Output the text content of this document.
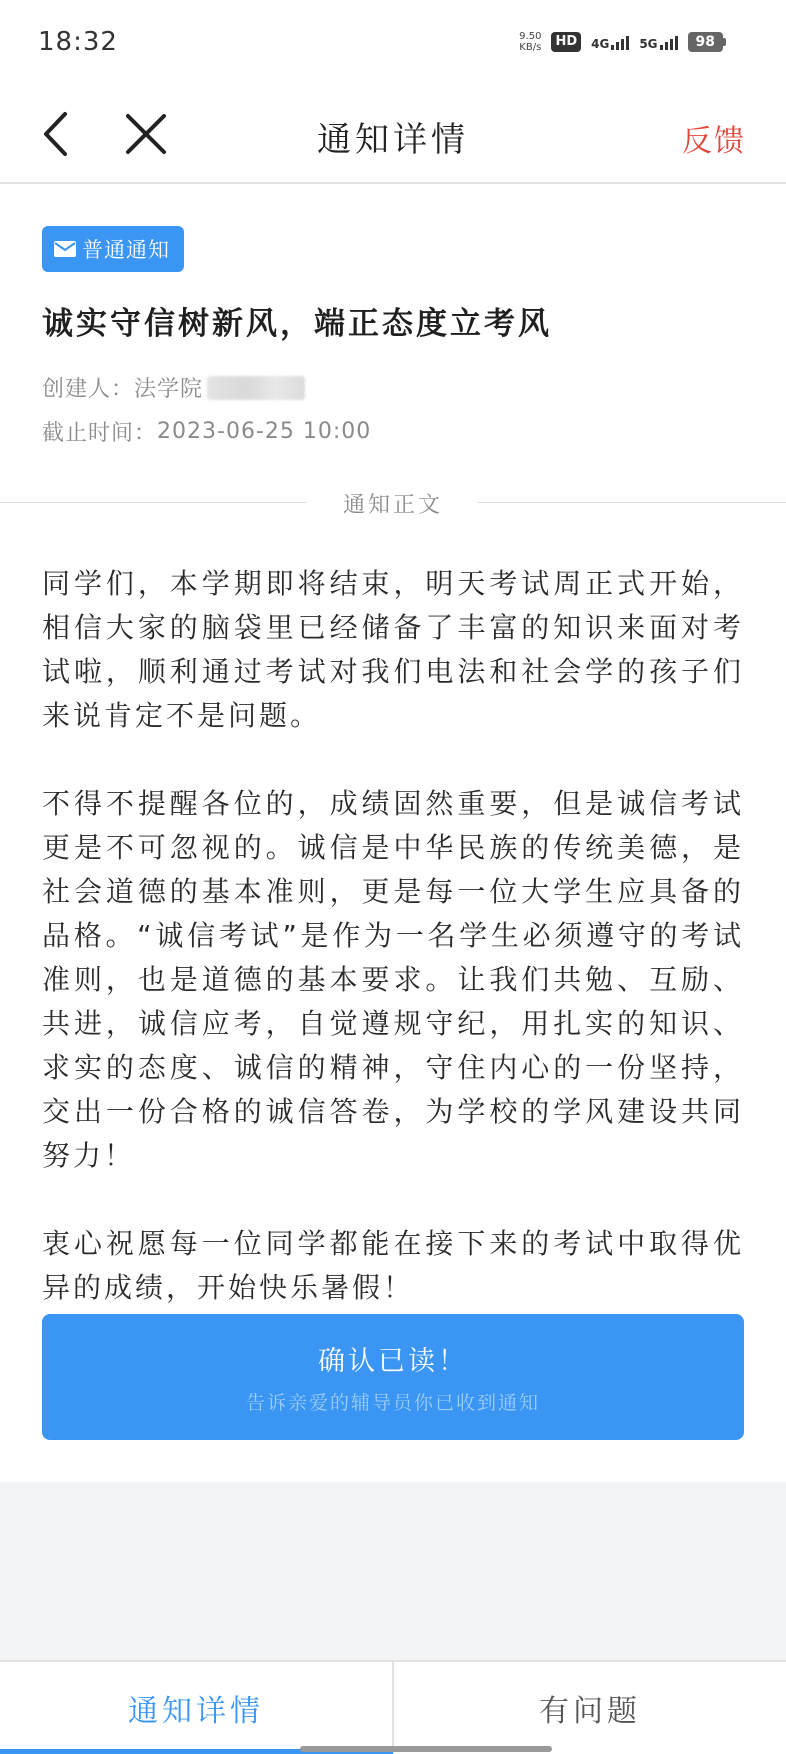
18:32	9.50
KB/s	HD	4G	5G	98
通知详情	反馈
普通通知
诚实守信树新风，端正态度立考风
创建人： 法学院
截止时间： 2023-06-25 10:00
通知正文

同学们，本学期即将结束，明天考试周正式开始，相信大家的脑袋里已经储备了丰富的知识来面对考试啦，顺利通过考试对我们电法和社会学的孩子们来说肯定不是问题。

不得不提醒各位的，成绩固然重要，但是诚信考试更是不可忽视的。诚信是中华民族的传统美德，是社会道德的基本准则，更是每一位大学生应具备的品格。“诚信考试”是作为一名学生必须遵守的考试准则，也是道德的基本要求。让我们共勉、互励、共进，诚信应考，自觉遵规守纪，用扎实的知识、求实的态度、诚信的精神，守住内心的一份坚持，交出一份合格的诚信答卷，为学校的学风建设共同努力！

衷心祝愿每一位同学都能在接下来的考试中取得优异的成绩，开始快乐暑假！

确认已读！
告诉亲爱的辅导员你已收到通知
通知详情	有问题
